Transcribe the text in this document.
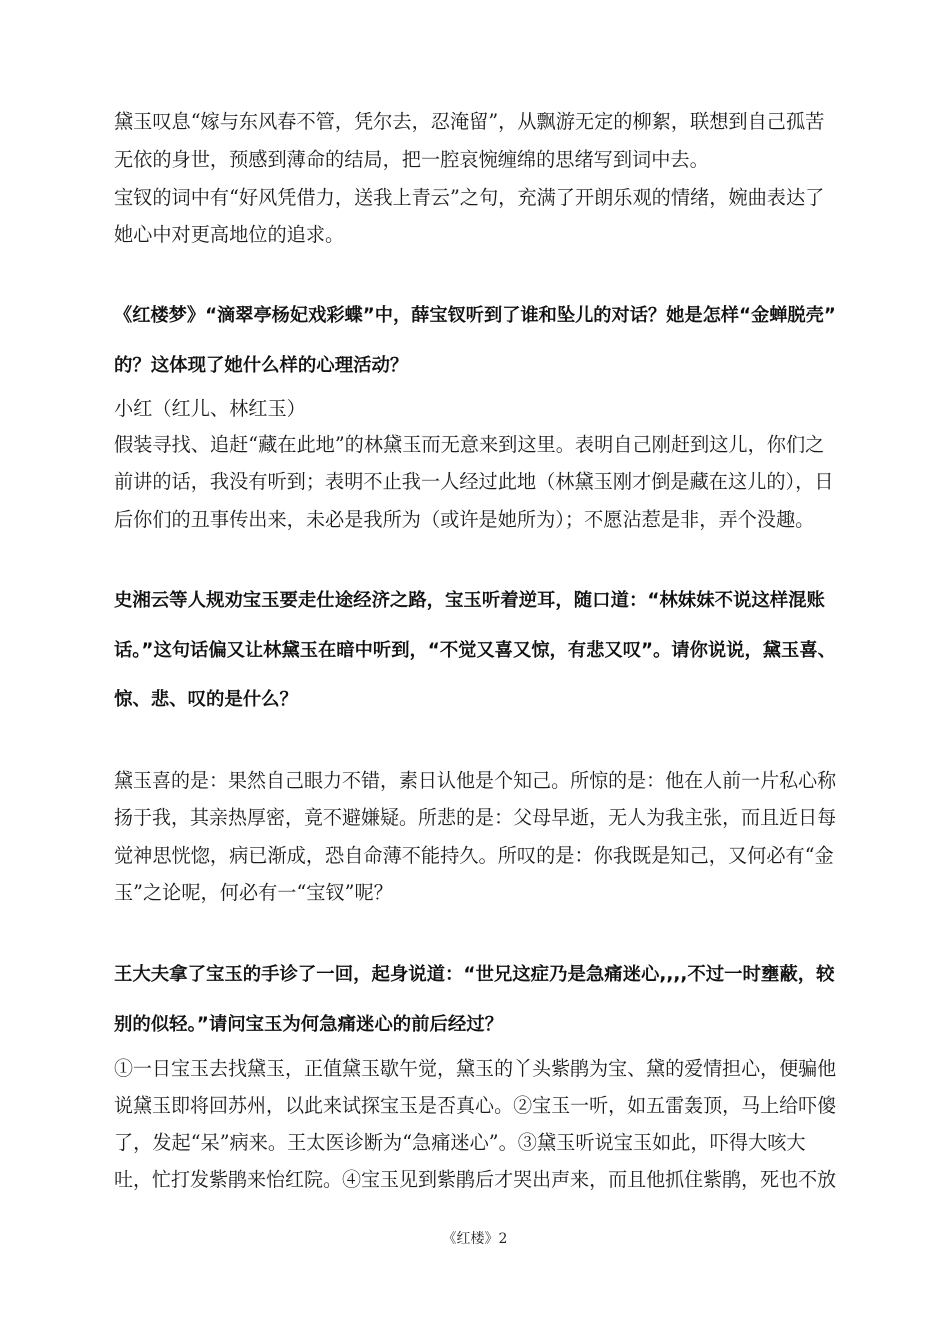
黛玉叹息“嫁与东风春不管，凭尔去，忍淹留”，从飘游无定的柳絮，联想到自己孤苦
无依的身世，预感到薄命的结局，把一腔哀惋缠绵的思绪写到词中去。
宝钗的词中有“好风凭借力，送我上青云”之句，充满了开朗乐观的情绪，婉曲表达了
她心中对更高地位的追求。
《红楼梦》“滴翠亭杨妃戏彩蝶”中，薛宝钗听到了谁和坠儿的对话？她是怎样“金蝉脱壳”
的？这体现了她什么样的心理活动？
小红（红儿、林红玉）
假装寻找、追赶“藏在此地”的林黛玉而无意来到这里。表明自己刚赶到这儿，你们之
前讲的话，我没有听到；表明不止我一人经过此地（林黛玉刚才倒是藏在这儿的），日
后你们的丑事传出来，未必是我所为（或许是她所为）；不愿沾惹是非，弄个没趣。
史湘云等人规劝宝玉要走仕途经济之路，宝玉听着逆耳，随口道：“林妹妹不说这样混账
话。”这句话偏又让林黛玉在暗中听到，“不觉又喜又惊，有悲又叹”。请你说说，黛玉喜、
惊、悲、叹的是什么？
黛玉喜的是：果然自己眼力不错，素日认他是个知己。所惊的是：他在人前一片私心称
扬于我，其亲热厚密，竟不避嫌疑。所悲的是：父母早逝，无人为我主张，而且近日每
觉神思恍惚，病已渐成，恐自命薄不能持久。所叹的是：你我既是知己，又何必有“金
玉”之论呢，何必有一“宝钗”呢？
王大夫拿了宝玉的手诊了一回，起身说道：“世兄这症乃是急痛迷心,,,,不过一时壅蔽，较
别的似轻。”请问宝玉为何急痛迷心的前后经过？
①一日宝玉去找黛玉，正值黛玉歇午觉，黛玉的丫头紫鹃为宝、黛的爱情担心，便骗他
说黛玉即将回苏州，以此来试探宝玉是否真心。②宝玉一听，如五雷轰顶，马上给吓傻
了，发起“呆”病来。王太医诊断为“急痛迷心”。③黛玉听说宝玉如此，吓得大咳大
吐，忙打发紫鹃来怡红院。④宝玉见到紫鹃后才哭出声来，而且他抓住紫鹃，死也不放
《红楼》2
